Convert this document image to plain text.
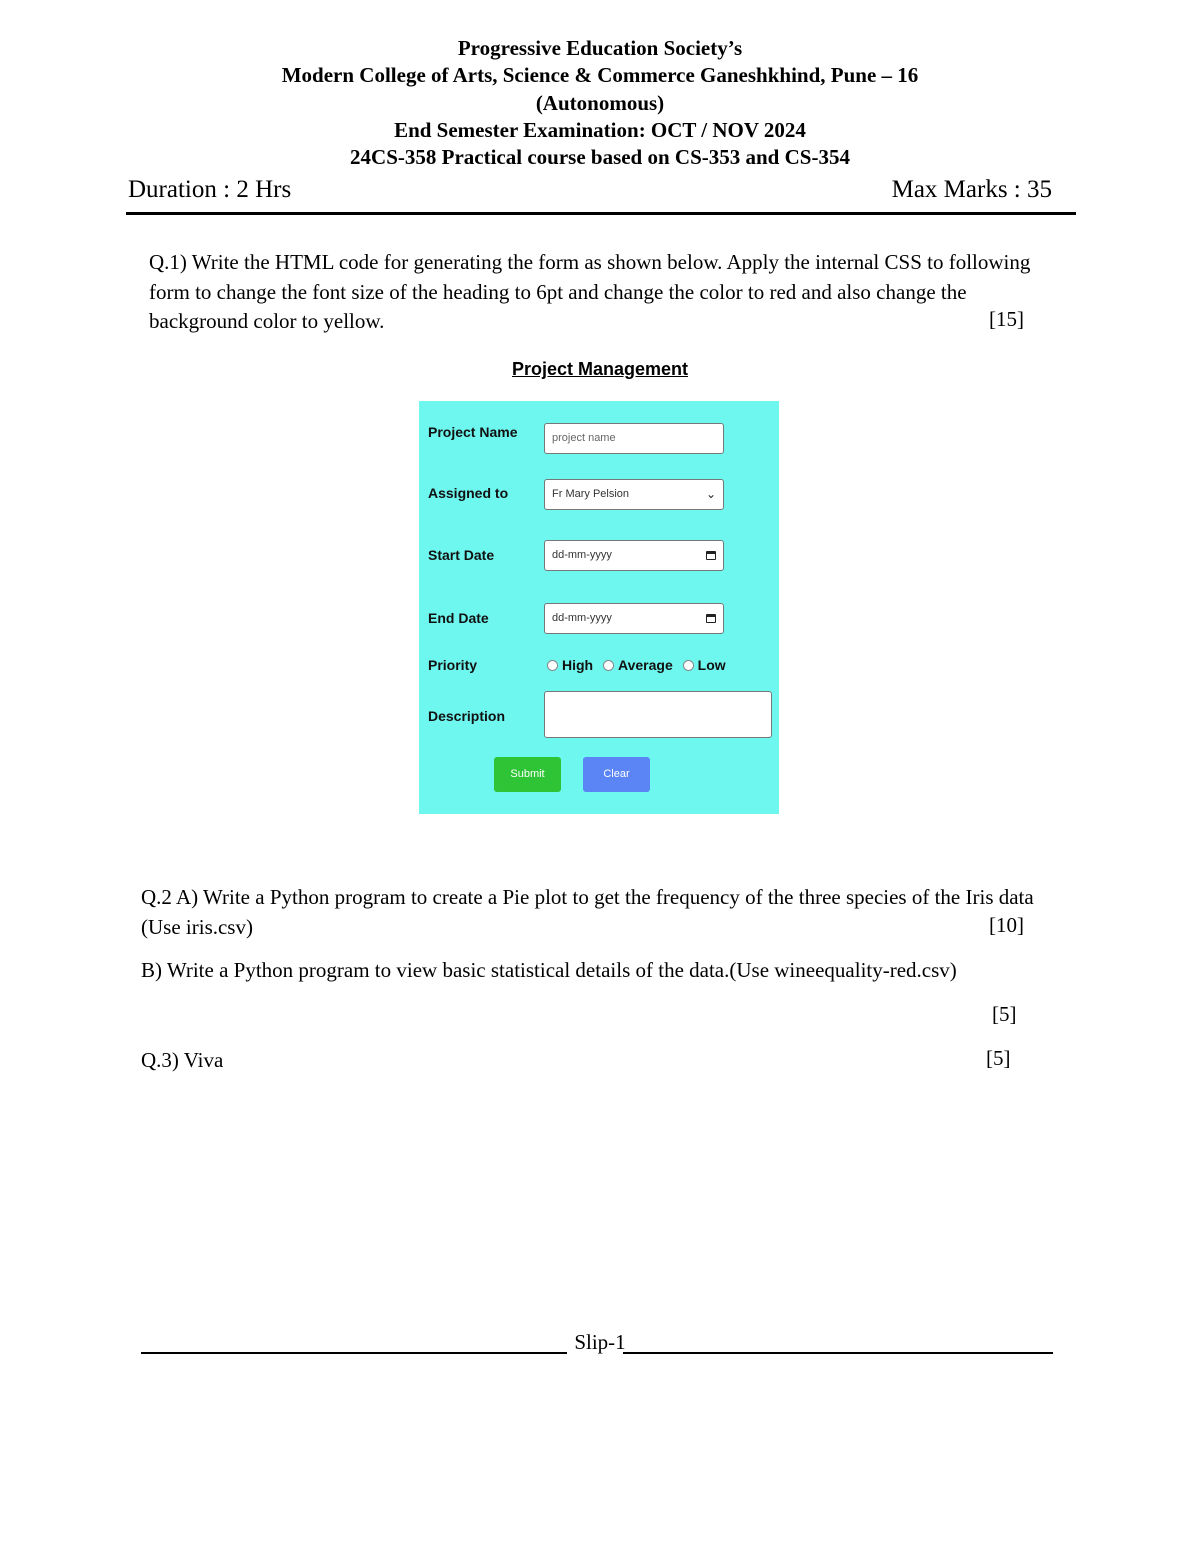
Progressive Education Society’s
Modern College of Arts, Science & Commerce Ganeshkhind, Pune – 16
(Autonomous)
End Semester Examination: OCT / NOV 2024
24CS-358 Practical course based on CS-353 and CS-354
Duration : 2 Hrs	Max Marks : 35
Q.1) Write the HTML code for generating the form as shown below. Apply the internal CSS to following form to change the font size of the heading to 6pt and change the color to red and also change the background color to yellow.	[15]
Project Management
Project Name	project name
Assigned to	Fr Mary Pelsion	⌄
Start Date	dd-mm-yyyy
End Date	dd-mm-yyyy
Priority	High Average Low
Description
Submit	Clear
Q.2 A) Write a Python program to create a Pie plot to get the frequency of the three species of the Iris data (Use iris.csv)	[10]
B) Write a Python program to view basic statistical details of the data.(Use wineequality-red.csv)
[5]
Q.3) Viva	[5]
Slip-1
